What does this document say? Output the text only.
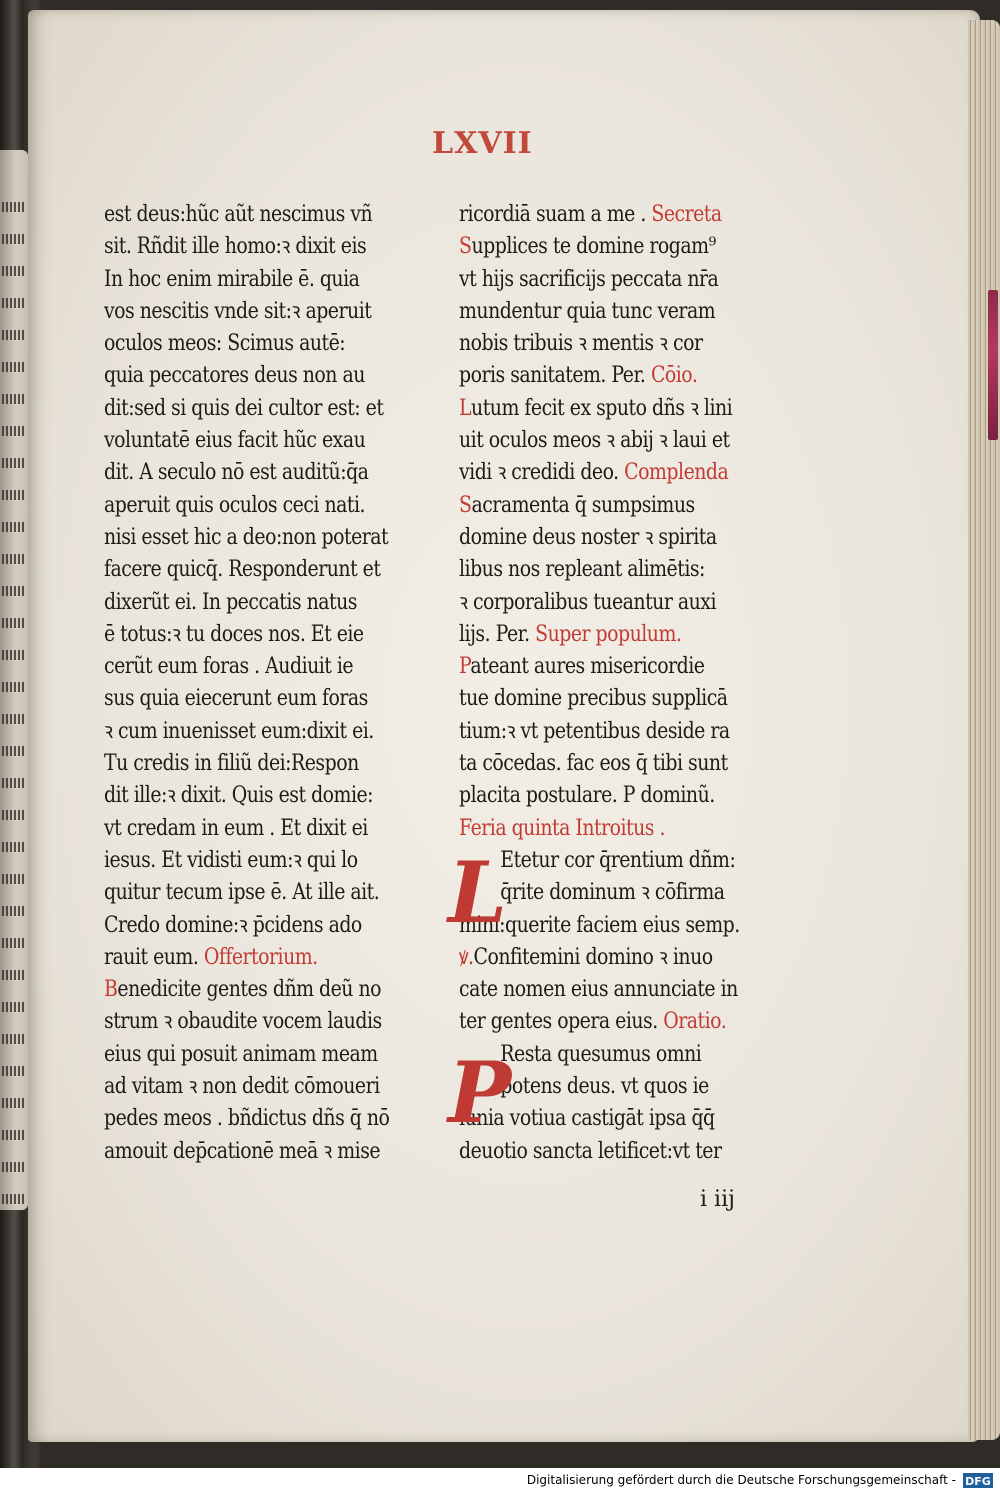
LXVII
est deus:hũc aũt nescimus vñ
sit. Rñdit ille homo:ꝛ dixit eis
In hoc enim mirabile ē. quia
vos nescitis vnde sit:ꝛ aperuit
oculos meos: Scimus autē:
quia peccatores deus non au
dit:sed si quis dei cultor est: et
voluntatē eius facit hũc exau
dit. A seculo nō est auditũ:q̄a
aperuit quis oculos ceci nati.
nisi esset hic a deo:non poterat
facere quicq̄. Responderunt et
dixerũt ei. In peccatis natus
ē totus:ꝛ tu doces nos. Et eie
cerũt eum foras . Audiuit ie
sus quia eiecerunt eum foras
ꝛ cum inuenisset eum:dixit ei.
Tu credis in filiũ dei:Respon
dit ille:ꝛ dixit. Quis est domie:
vt credam in eum . Et dixit ei
iesus. Et vidisti eum:ꝛ qui lo
quitur tecum ipse ē. At ille ait.
Credo domine:ꝛ p̄cidens ado
rauit eum. Offertorium.
Benedicite gentes dñm deũ no
strum ꝛ obaudite vocem laudis
eius qui posuit animam meam
ad vitam ꝛ non dedit cōmoueri
pedes meos . bñdictus dñs q̄ nō
amouit dep̄cationē meā ꝛ mise
ricordiā suam a me . Secreta
Supplices te domine rogam⁹
vt hijs sacrificijs peccata nr̄a
mundentur quia tunc veram
nobis tribuis ꝛ mentis ꝛ cor
poris sanitatem. Per. Cōio.
Lutum fecit ex sputo dñs ꝛ lini
uit oculos meos ꝛ abij ꝛ laui et
vidi ꝛ credidi deo. Complenda
Sacramenta q̄ sumpsimus
domine deus noster ꝛ spirita
libus nos repleant alimētis:
ꝛ corporalibus tueantur auxi
lijs. Per. Super populum.
Pateant aures misericordie
tue domine precibus supplicā
tium:ꝛ vt petentibus deside ra
ta cōcedas. fac eos q̄ tibi sunt
placita postulare. P dominũ.
Feria quinta Introitus .
Etetur cor q̄rentium dñm:
q̄rite dominum ꝛ cōfirma
mini:querite faciem eius semp.
ꝟ.Confitemini domino ꝛ inuo
cate nomen eius annunciate in
ter gentes opera eius. Oratio.
Resta quesumus omni
potens deus. vt quos ie
iunia votiua castigāt ipsa q̄q̄
deuotio sancta letificet:vt ter
L
P
i iij
Digitalisierung gefördert durch die Deutsche Forschungsgemeinschaft - DFG
